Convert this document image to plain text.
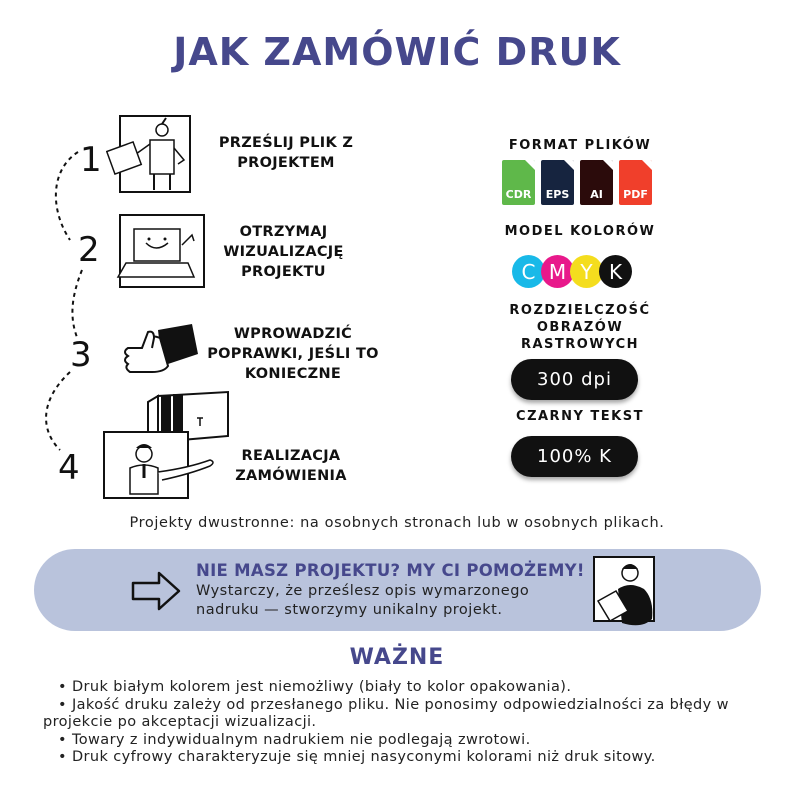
JAK ZAMÓWIĆ DRUK
1
2
3
4
PRZEŚLIJ PLIK Z PROJEKTEM
OTRZYMAJ WIZUALIZACJĘ PROJEKTU
WPROWADZIĆ POPRAWKI, JEŚLI TO KONIECZNE
REALIZACJA ZAMÓWIENIA
FORMAT PLIKÓW
CDR	EPS	AI	PDF
MODEL KOLORÓW
C M Y K
ROZDZIELCZOŚĆ OBRAZÓW RASTROWYCH
300 dpi
CZARNY TEKST
100% K
Projekty dwustronne: na osobnych stronach lub w osobnych plikach.
NIE MASZ PROJEKTU? MY CI POMOŻEMY!
Wystarczy, że prześlesz opis wymarzonego nadruku — stworzymy unikalny projekt.
WAŻNE
• Druk białym kolorem jest niemożliwy (biały to kolor opakowania).
• Jakość druku zależy od przesłanego pliku. Nie ponosimy odpowiedzialności za błędy w projekcie po akceptacji wizualizacji.
• Towary z indywidualnym nadrukiem nie podlegają zwrotowi.
• Druk cyfrowy charakteryzuje się mniej nasyconymi kolorami niż druk sitowy.
